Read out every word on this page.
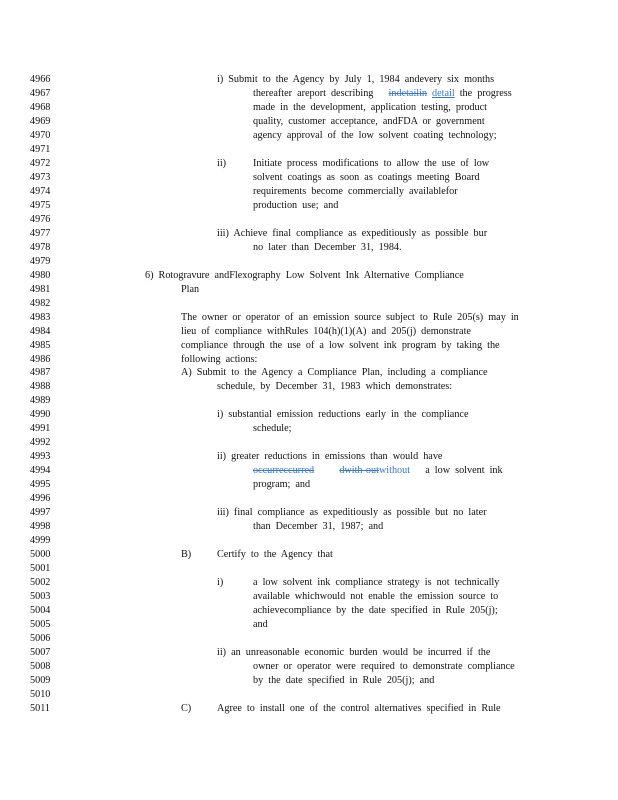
4966	i) Submit to the Agency by July 1, 1984 andevery six months
4967	thereafter areport describing indetailin detail the progress
4968	made in the development, application testing, product
4969	quality, customer acceptance, andFDA or government
4970	agency approval of the low solvent coating technology;
4971
4972	ii)	Initiate process modifications to allow the use of low
4973	solvent coatings as soon as coatings meeting Board
4974	requirements become commercially availablefor
4975	production use; and
4976
4977	iii) Achieve final compliance as expeditiously as possible bur
4978	no later than December 31, 1984.
4979
4980	6) Rotogravure andFlexography Low Solvent Ink Alternative Compliance
4981	Plan
4982
4983	The owner or operator of an emission source subject to Rule 205(s) may in
4984	lieu of compliance withRules 104(h)(1)(A) and 205(j) demonstrate
4985	compliance through the use of a low solvent ink program by taking the
4986	following actions:
4987	A) Submit to the Agency a Compliance Plan, including a compliance
4988	schedule, by December 31, 1983 which demonstrates:
4989
4990	i) substantial emission reductions early in the compliance
4991	schedule;
4992
4993	ii) greater reductions in emissions than would have
4994	occurreccurred dwith-outwithout a low solvent ink
4995	program; and
4996
4997	iii) final compliance as expeditiously as possible but no later
4998	than December 31, 1987; and
4999
5000	B)	Certify to the Agency that
5001
5002	i)	a low solvent ink compliance strategy is not technically
5003	available whichwould not enable the emission source to
5004	achievecompliance by the date specified in Rule 205(j);
5005	and
5006
5007	ii) an unreasonable economic burden would be incurred if the
5008	owner or operator were required to demonstrate compliance
5009	by the date specified in Rule 205(j); and
5010
5011	C)	Agree to install one of the control alternatives specified in Rule
